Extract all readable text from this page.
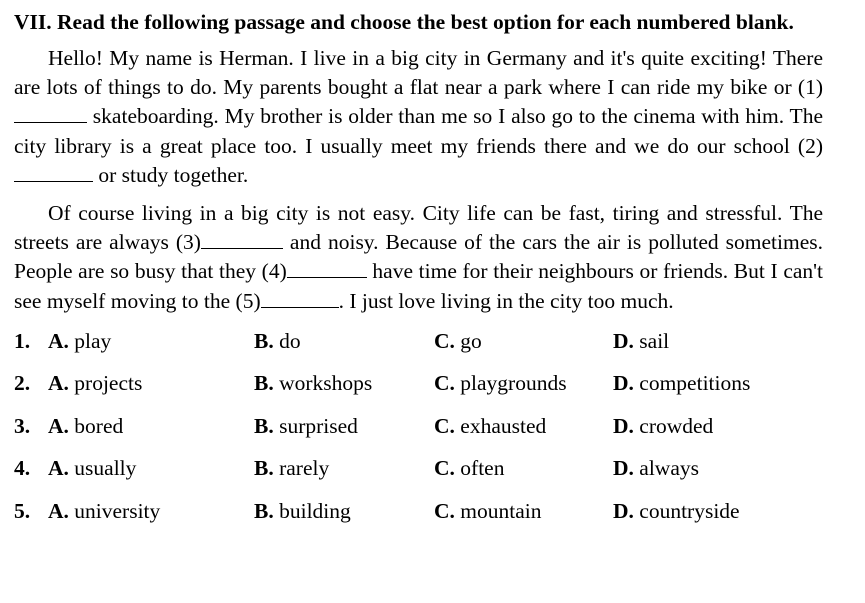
VII. Read the following passage and choose the best option for each numbered blank.

Hello! My name is Herman. I live in a big city in Germany and it's quite exciting! There are lots of things to do. My parents bought a flat near a park where I can ride my bike or (1) skateboarding. My brother is older than me so I also go to the cinema with him. The city library is a great place too. I usually meet my friends there and we do our school (2) or study together.

Of course living in a big city is not easy. City life can be fast, tiring and stressful. The streets are always (3)	and noisy. Because of the cars the air is polluted sometimes. People are so busy that they (4)	have time for their neighbours or friends. But I can't see myself moving to the (5)	. I just love living in the city too much.

1. A. play	B. do	C. go	D. sail
2. A. projects	B. workshops	C. playgrounds D. competitions
3. A. bored	B. surprised	C. exhausted	D. crowded
4. A. usually	B. rarely	C. often	D. always
5. A. university	B. building	C. mountain	D. countryside
